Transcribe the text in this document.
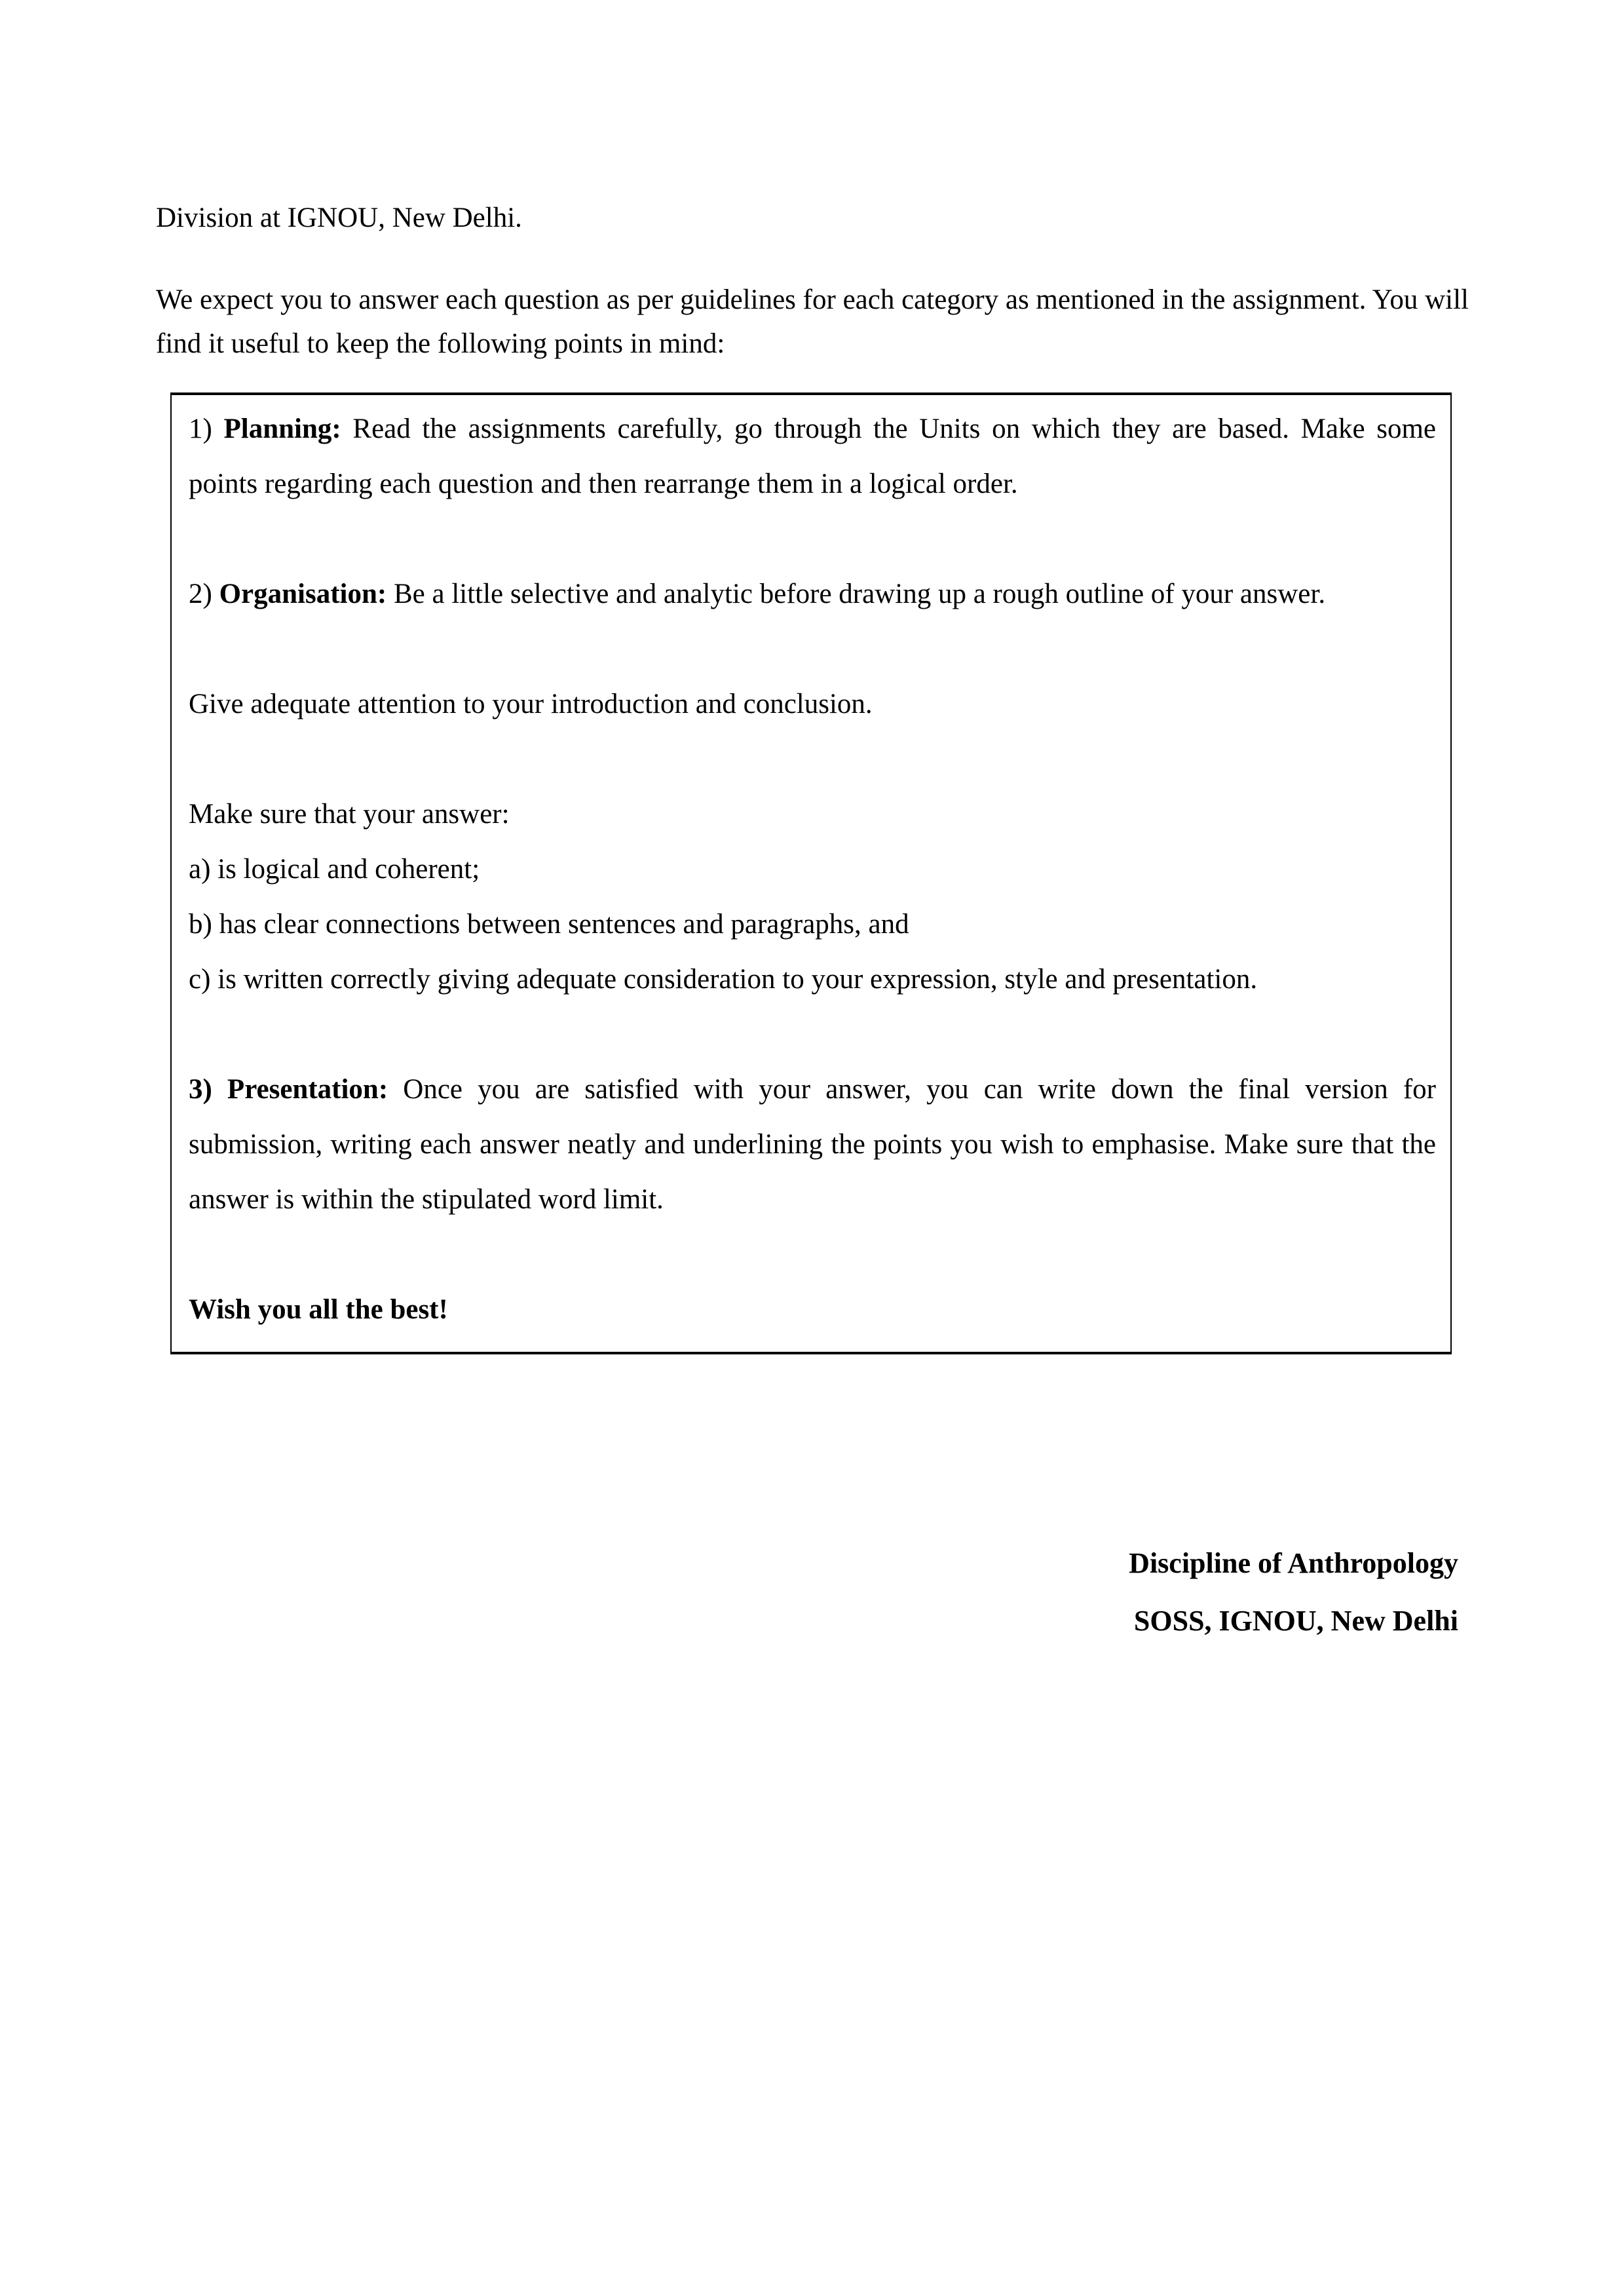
Division at IGNOU, New Delhi.

We expect you to answer each question as per guidelines for each category as mentioned in the assignment. You will find it useful to keep the following points in mind:

1) Planning: Read the assignments carefully, go through the Units on which they are based. Make some points regarding each question and then rearrange them in a logical order.

2) Organisation: Be a little selective and analytic before drawing up a rough outline of your answer.

Give adequate attention to your introduction and conclusion.

Make sure that your answer:

a) is logical and coherent;

b) has clear connections between sentences and paragraphs, and

c) is written correctly giving adequate consideration to your expression, style and presentation.

3) Presentation: Once you are satisfied with your answer, you can write down the final version for submission, writing each answer neatly and underlining the points you wish to emphasise. Make sure that the answer is within the stipulated word limit.

Wish you all the best!

Discipline of Anthropology

SOSS, IGNOU, New Delhi
